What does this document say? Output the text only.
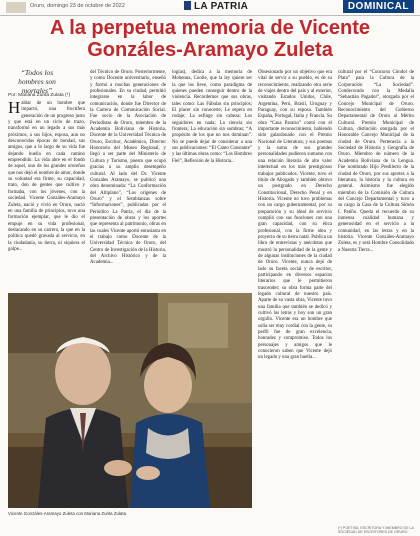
Oruro, domingo 23 de octubre de 2022	LA PATRIA	DOMINICAL
A la perpetua memoria de Vicente Gonzáles-Aramayo Zuleta
“Todos los hombres son mortales”
Por: Mariana Zurita Zulata (*)
H ablar de un hombre que impactó, una fructífera generación de un progreso justo y que está en un ciclo de trazo, transformó en un legado a sus más próximos, a sus hijos, esposa, aun no desconocidas épocas de bondad, sus amigos, que a lo largo de su vida fue dejando huella en cada camino emprendido. La vida abre en el fondo de aquel, uno de los grandes orureños que nos dejó el nombre de amor, donde su voluntad era firme, su capacidad, trato, don de gentes que cultivo y formaba, con los jóvenes, con la sociedad. Vicente Gonzáles-Aramayo Zuleta, nació y vivió en Oruro, nació en una familia de principios, tuvo una formación ejemplar, que le dio el empuje en su vida profesional, destacando en su carrera, la que en la política quedó gravada al servicio, en la ciudadanía, su tierra, ni siquiera el golpe...

del Técnico de Oruro. Posteriormente, y como Docente universitario, enseñó y formó a muchas generaciones de profesionales. En su ciudad, permitió integrarse en la labor de comunicación, donde fue Director de la Carrera de Comunicación Social. Fue socio de la Asociación de Periodistas de Oruro, miembro de la Academia Boliviana de Historia, Docente de la Universidad Técnica de Oruro, Escritor, Académico, Director Honorario del Museo Regional, y llegó a ser parte del Ministerio de Cultura y Turismo, puesto que ocupó gracias a su amplio desempeño cultural. Al lado del Dr. Vicente Gonzáles Aramayo, se publicó una obra denominada: “La Conformación del Altiplano”, “Los orígenes de Oruro” y el Semblanzas sobre “Informaciones”, publicadas por el Periódico La Patria, el día de la presentación de obras y los aportes que representa al patrimonio, obras en las cuales Vicente aportó entusiasta en el trabajo como Docente de la Universidad Técnica de Oruro, del Centro de Investigación de la Historia, del Archivo Histórico y de la Academia...

logías), dedica a la memoria de Mohenna, Coolie, que la ley quiere ser la que los lleve, como paradigma de quienes pueden conseguir dentro de la violencia. Recordemos que sus obras, tales como: Las Fábulas sin principios; El placer sin conocerte; Le espera en rodaje; La esfinge sin cabeza; Los seguidores en nada; La ciencia sin frontera; La educación sin sombras; “A propósito de los que no nos dominan”. No se puede dejar de considerar a una sus publicaciones: “El Canto Constante” y las últimas obras como: “Los Hombres Fiel”, Reflexión de la Historia...

Obsesionado por un objetivo que era vital de servir a su pueblo, es de su reconocimiento, realizando otra serie de viajes dentro del país y al exterior, visitando Estados Unidos, Chile, Argentina, Perú, Brasil, Uruguay y Paraguay, con su esposa. También España, Portugal, Italia y Francia. Su obra “Casa Paraíso” contó con el importante reconocimiento, habiendo sido galardonado con el Premio Nacional de Literatura; y sus poemas y la suma de sus grandes personalidades pudieron sumarse con una relación literaria de alto valor intelectual en los más prestigiosos trabajos publicados. Vicente, tuvo el título de Abogado y también obtuvo un postgrado en Derecho Constitucional, Derecho Penal y en Historia. Vicente no tuvo problemas con un cargo gubernamental, por su preparación y su ideal de servicio cumplió con sus funciones con una gran capacidad, con su ética profesional, con la firme idea y proyecto de su tierra natal. Publica un libro de entrevistas y anécdotas que mostró la personalidad de la gente y de algunas instituciones de la ciudad de Oruro. Vicente, nunca dejó de lado su faceta social y de escritor, participando en diversos espacios literarios que le permitieron trascender; su obra forma parte del legado cultural de nuestro país. Aparte de su vasta obra, Vicente tuvo una familia que también se dedicó y cultivó las letras y hoy son un gran orgullo. Vicente era un hombre que solía ser muy cordial con la gente, su perfil fue de gran excelencia, honradez y compromiso. Todos los personajes y amigos que le conocieron saben que Vicente dejó un legado y una gran huella...

cultural por el “Concurso Cóndor de Plata” para la Cultura de la Corporación “La Sociedad”. Condecorado con la Medalla “Sebastián Pagador”, otorgada por el Concejo Municipal de Oruro. Reconocimiento del Gobierno Departamental de Oruro al Mérito Cultural. Premio Municipal de Cultura, distinción otorgada por el Honorable Concejo Municipal de la ciudad de Oruro. Pertenecía a la Sociedad de Historia y Geografía de Oruro. Miembro de número de la Academia Boliviana de la Lengua. Fue nombrado Hijo Predilecto de la ciudad de Oruro, por sus aportes a la literatura, la historia y la cultura en general. Asimismo fue elegido miembro de la Comisión de Cultura del Concejo Departamental y tuvo a su cargo la Casa de la Cultura Simón I. Patiño. Queda el recuerdo de su inmensa cualidad humana y generosidad en el servicio a la comunidad, en las letras y en la historia. Vicente Gonzáles-Aramayo Zuleta, es y será Hombre Consolidado a Nuestra Tierra...

Vicente Gonzáles-Aramayo Zuleta con Mariana Zurita Zulata
(*) POETISA, ESCRITORA Y MIEMBRO DE LA SOCIEDAD DE ESCRITORES DE ORURO
